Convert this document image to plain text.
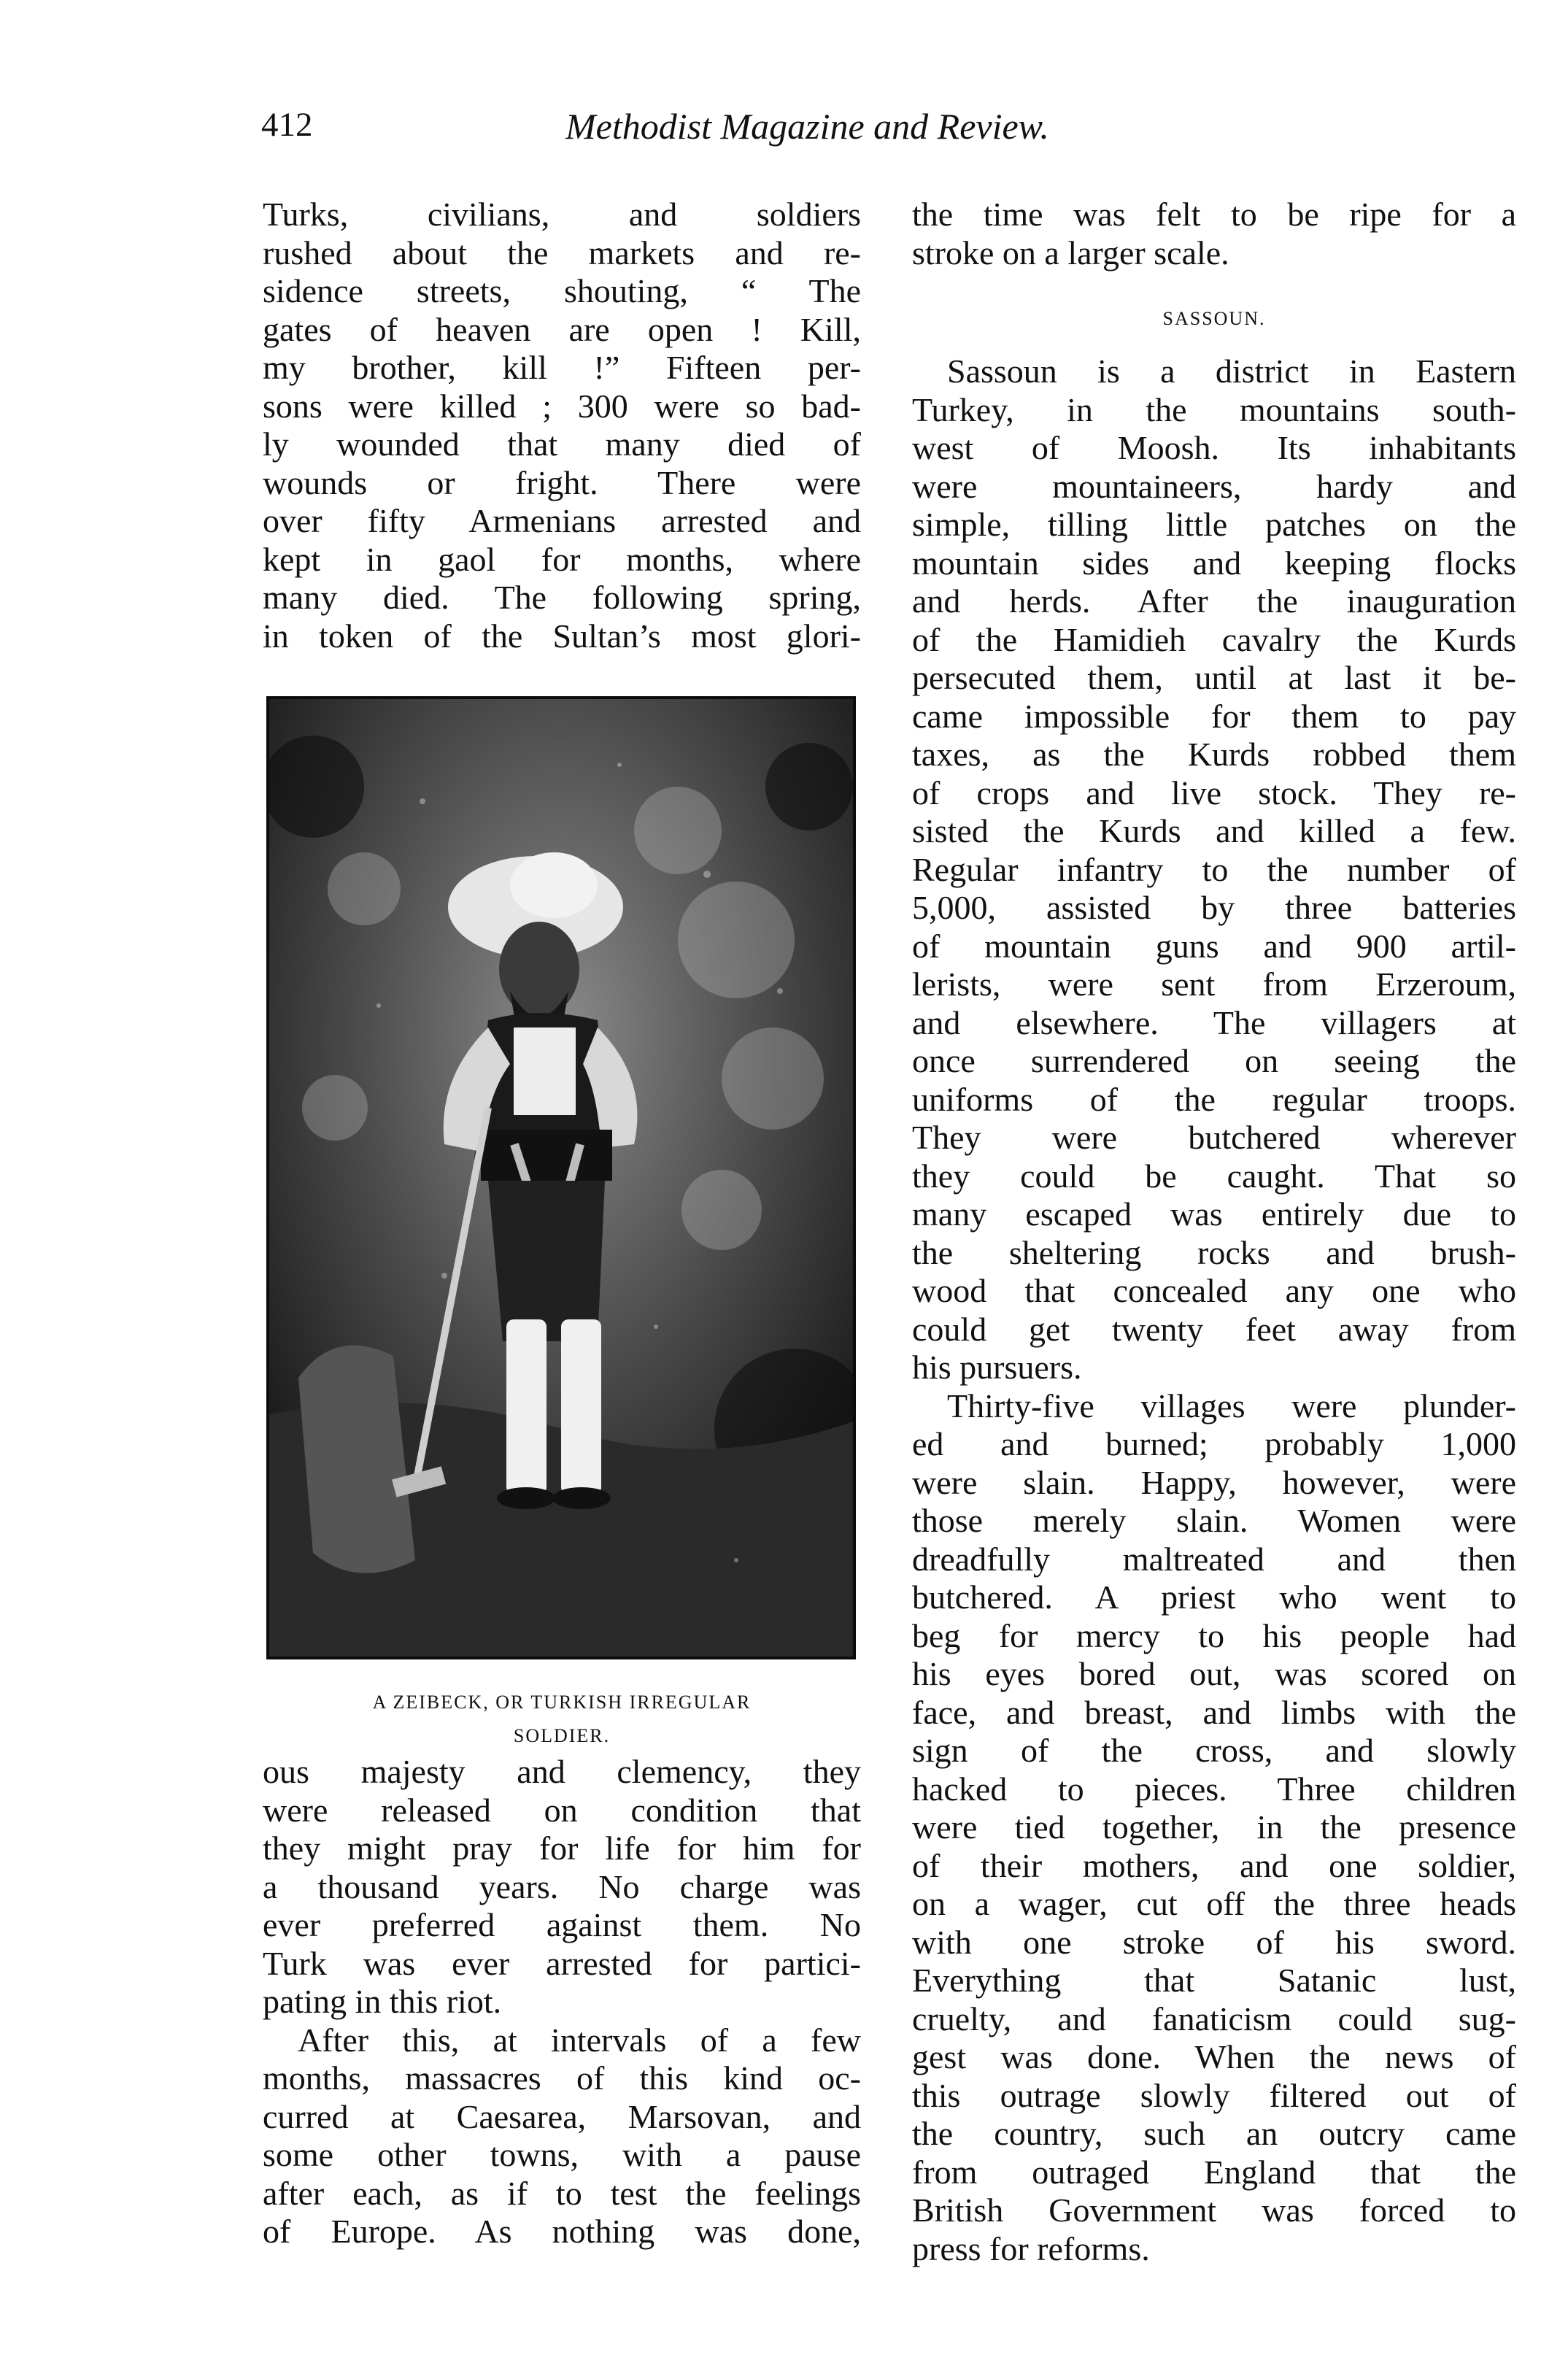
412	Methodist Magazine and Review.
Turks, civilians, and soldiers
rushed about the markets and re-
sidence streets, shouting, “ The
gates of heaven are open ! Kill,
my brother, kill !” Fifteen per-
sons were killed ; 300 were so bad-
ly wounded that many died of
wounds or fright. There were
over fifty Armenians arrested and
kept in gaol for months, where
many died. The following spring,
in token of the Sultan’s most glori-
A ZEIBECK, OR TURKISH IRREGULAR
SOLDIER.
ous majesty and clemency, they
were released on condition that
they might pray for life for him for
a thousand years. No charge was
ever preferred against them. No
Turk was ever arrested for partici-
pating in this riot.
After this, at intervals of a few
months, massacres of this kind oc-
curred at Caesarea, Marsovan, and
some other towns, with a pause
after each, as if to test the feelings
of Europe. As nothing was done,
the time was felt to be ripe for a
stroke on a larger scale.
SASSOUN.
Sassoun is a district in Eastern
Turkey, in the mountains south-
west of Moosh. Its inhabitants
were mountaineers, hardy and
simple, tilling little patches on the
mountain sides and keeping flocks
and herds. After the inauguration
of the Hamidieh cavalry the Kurds
persecuted them, until at last it be-
came impossible for them to pay
taxes, as the Kurds robbed them
of crops and live stock. They re-
sisted the Kurds and killed a few.
Regular infantry to the number of
5,000, assisted by three batteries
of mountain guns and 900 artil-
lerists, were sent from Erzeroum,
and elsewhere. The villagers at
once surrendered on seeing the
uniforms of the regular troops.
They were butchered wherever
they could be caught. That so
many escaped was entirely due to
the sheltering rocks and brush-
wood that concealed any one who
could get twenty feet away from
his pursuers.
Thirty-five villages were plunder-
ed and burned; probably 1,000
were slain. Happy, however, were
those merely slain. Women were
dreadfully maltreated and then
butchered. A priest who went to
beg for mercy to his people had
his eyes bored out, was scored on
face, and breast, and limbs with the
sign of the cross, and slowly
hacked to pieces. Three children
were tied together, in the presence
of their mothers, and one soldier,
on a wager, cut off the three heads
with one stroke of his sword.
Everything that Satanic lust,
cruelty, and fanaticism could sug-
gest was done. When the news of
this outrage slowly filtered out of
the country, such an outcry came
from outraged England that the
British Government was forced to
press for reforms.
